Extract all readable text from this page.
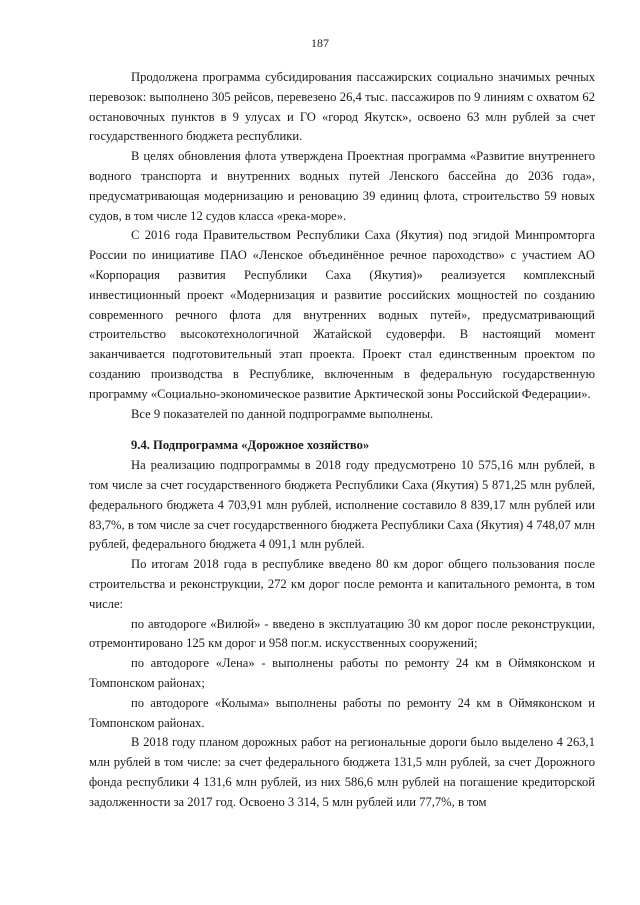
187

Продолжена программа субсидирования пассажирских социально значимых речных перевозок: выполнено 305 рейсов, перевезено 26,4 тыс. пассажиров по 9 линиям с охватом 62 остановочных пунктов в 9 улусах и ГО «город Якутск», освоено 63 млн рублей за счет государственного бюджета республики.

В целях обновления флота утверждена Проектная программа «Развитие внутреннего водного транспорта и внутренних водных путей Ленского бассейна до 2036 года», предусматривающая модернизацию и реновацию 39 единиц флота, строительство 59 новых судов, в том числе 12 судов класса «река-море».

С 2016 года Правительством Республики Саха (Якутия) под эгидой Минпромторга России по инициативе ПАО «Ленское объединённое речное пароходство» с участием АО «Корпорация развития Республики Саха (Якутия)» реализуется комплексный инвестиционный проект «Модернизация и развитие российских мощностей по созданию современного речного флота для внутренних водных путей», предусматривающий строительство высокотехнологичной Жатайской судоверфи. В настоящий момент заканчивается подготовительный этап проекта. Проект стал единственным проектом по созданию производства в Республике, включенным в федеральную государственную программу «Социально-экономическое развитие Арктической зоны Российской Федерации».

Все 9 показателей по данной подпрограмме выполнены.

9.4. Подпрограмма «Дорожное хозяйство»

На реализацию подпрограммы в 2018 году предусмотрено 10 575,16 млн рублей, в том числе за счет государственного бюджета Республики Саха (Якутия) 5 871,25 млн рублей, федерального бюджета 4 703,91 млн рублей, исполнение составило 8 839,17 млн рублей или 83,7%, в том числе за счет государственного бюджета Республики Саха (Якутия) 4 748,07 млн рублей, федерального бюджета 4 091,1 млн рублей.

По итогам 2018 года в республике введено 80 км дорог общего пользования после строительства и реконструкции, 272 км дорог после ремонта и капитального ремонта, в том числе:

по автодороге «Вилюй» - введено в эксплуатацию 30 км дорог после реконструкции, отремонтировано 125 км дорог и 958 пог.м. искусственных сооружений;

по автодороге «Лена» - выполнены работы по ремонту 24 км в Оймяконском и Томпонском районах;

по автодороге «Колыма» выполнены работы по ремонту 24 км в Оймяконском и Томпонском районах.

В 2018 году планом дорожных работ на региональные дороги было выделено 4 263,1 млн рублей в том числе: за счет федерального бюджета 131,5 млн рублей, за счет Дорожного фонда республики 4 131,6 млн рублей, из них 586,6 млн рублей на погашение кредиторской задолженности за 2017 год. Освоено 3 314, 5 млн рублей или 77,7%, в том
